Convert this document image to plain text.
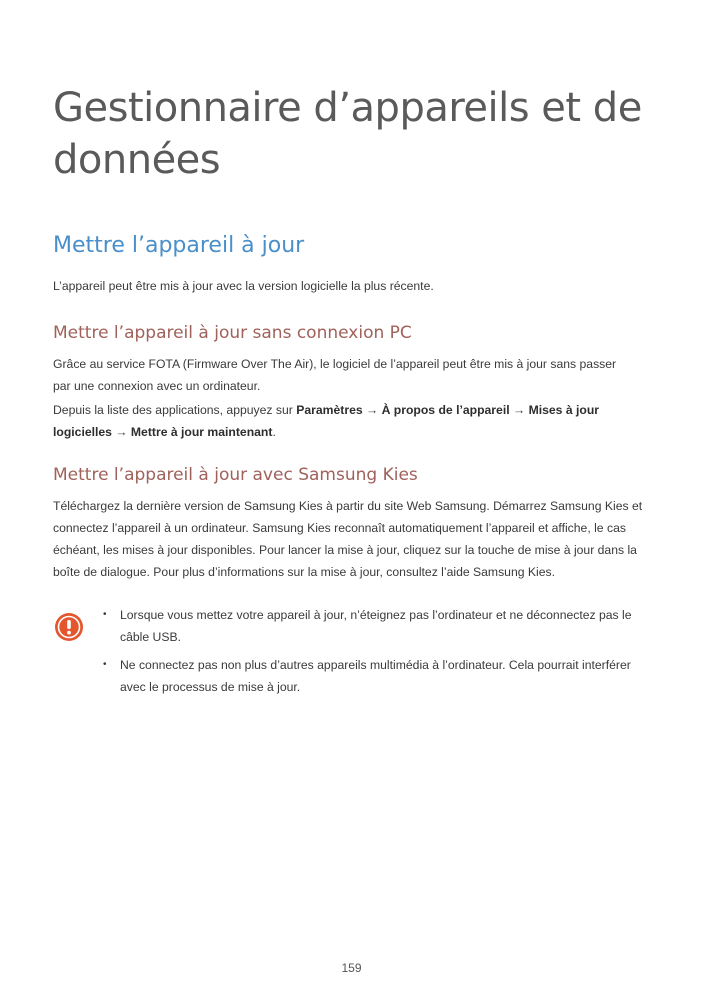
Gestionnaire d’appareils et de données
Mettre l’appareil à jour

L’appareil peut être mis à jour avec la version logicielle la plus récente.

Mettre l’appareil à jour sans connexion PC

Grâce au service FOTA (Firmware Over The Air), le logiciel de l’appareil peut être mis à jour sans passer par une connexion avec un ordinateur.

Depuis la liste des applications, appuyez sur Paramètres → À propos de l’appareil → Mises à jour logicielles → Mettre à jour maintenant.

Mettre l’appareil à jour avec Samsung Kies

Téléchargez la dernière version de Samsung Kies à partir du site Web Samsung. Démarrez Samsung Kies et connectez l’appareil à un ordinateur. Samsung Kies reconnaît automatiquement l’appareil et affiche, le cas échéant, les mises à jour disponibles. Pour lancer la mise à jour, cliquez sur la touche de mise à jour dans la boîte de dialogue. Pour plus d’informations sur la mise à jour, consultez l’aide Samsung Kies.

• Lorsque vous mettez votre appareil à jour, n’éteignez pas l’ordinateur et ne déconnectez pas le câble USB.
• Ne connectez pas non plus d’autres appareils multimédia à l’ordinateur. Cela pourrait interférer avec le processus de mise à jour.
159
